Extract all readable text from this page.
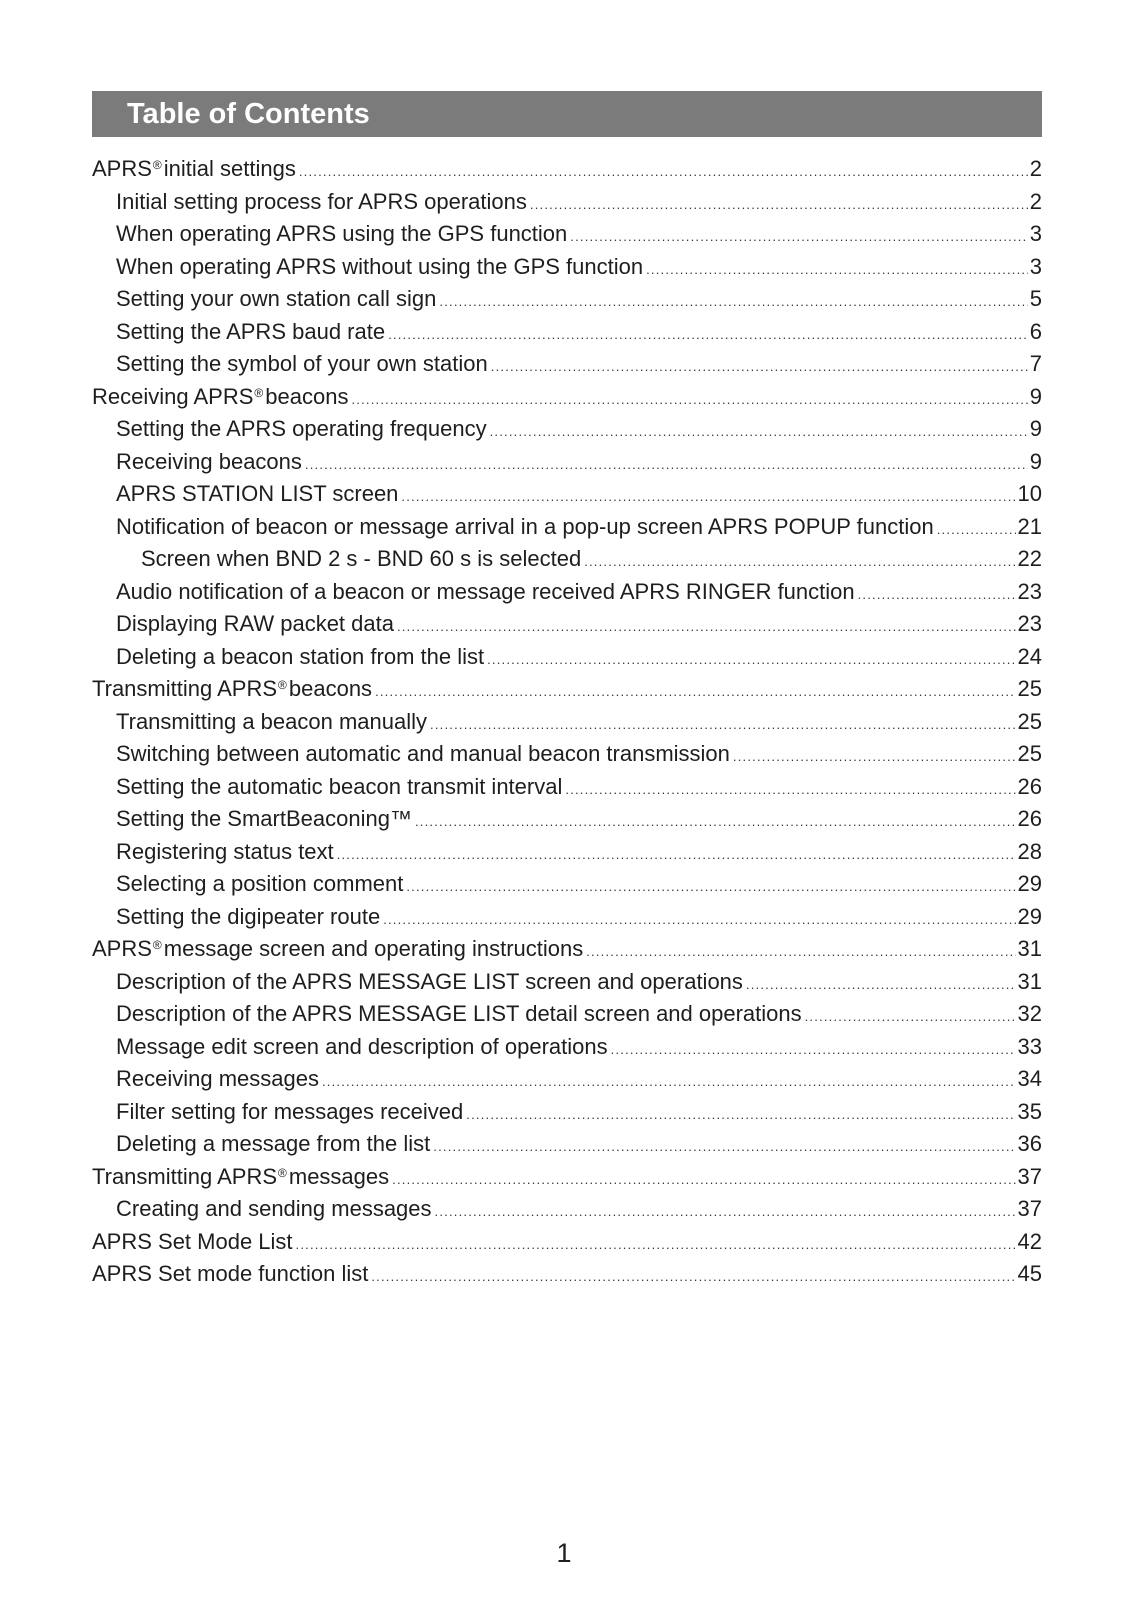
Table of Contents
APRS®initial settings .....	2
Initial setting process for APRS operations .....	2
When operating APRS using the GPS function .....	3
When operating APRS without using the GPS function .....	3
Setting your own station call sign .....	5
Setting the APRS baud rate .....	6
Setting the symbol of your own station .....	7
Receiving APRS®beacons .....	9
Setting the APRS operating frequency .....	9
Receiving beacons .....	9
APRS STATION LIST screen .....	10
Notification of beacon or message arrival in a pop-up screen APRS POPUP function .....	21
Screen when BND 2 s - BND 60 s is selected .....	22
Audio notification of a beacon or message received APRS RINGER function .....	23
Displaying RAW packet data .....	23
Deleting a beacon station from the list .....	24
Transmitting APRS®beacons .....	25
Transmitting a beacon manually .....	25
Switching between automatic and manual beacon transmission .....	25
Setting the automatic beacon transmit interval .....	26
Setting the SmartBeaconing™ .....	26
Registering status text .....	28
Selecting a position comment .....	29
Setting the digipeater route .....	29
APRS®message screen and operating instructions .....	31
Description of the APRS MESSAGE LIST screen and operations .....	31
Description of the APRS MESSAGE LIST detail screen and operations .....	32
Message edit screen and description of operations .....	33
Receiving messages .....	34
Filter setting for messages received .....	35
Deleting a message from the list .....	36
Transmitting APRS®messages .....	37
Creating and sending messages .....	37
APRS Set Mode List .....	42
APRS Set mode function list .....	45
1
